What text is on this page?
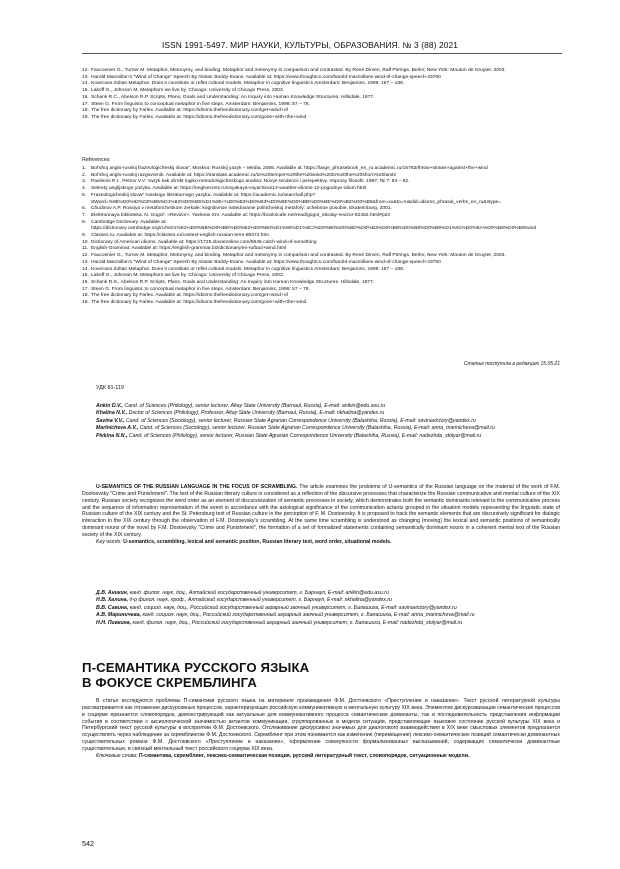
ISSN 1991-5497. МИР НАУКИ, КУЛЬТУРЫ, ОБРАЗОВАНИЯ. № 3 (88) 2021
12. Fauconnier G., Turner M. Metaphor, Metonymy, and binding. Metaphor and metonymy in comparison and contrasted. By René Dirven, Ralf Pörings. Berlin; New York: Mouton de Gruyter, 2003.
13. Harold Macmillan's "Wind of Change" Speech By Alistair Boddy-Evans. Available at: https://www.thoughtco.com/harold-macmillans-wind-of-change-speech-43760
14. Kovecses Zoltan Metaphor. Does it constitute or reflet cultural models. Metaphor in cognitive linguistics Amsterdam: Benjamins, 1999: 167 – 188.
15. Lakoff G., Johnson M. Metaphors we live by. Chicago: University of Chicago Press, 2003.
16. Schank R.C., Abelson R.P. Scripts, Plans, Goals and Understanding: An Inquiry into Human Knowledge Structures. Hillsdale, 1977.
17. Steen G. From linguistic to conceptual metaphor in five steps. Amsterdam: Benjamins, 1999: 57 – 78.
18. The free dictionary by Farlex. Available at: https://idioms.thefreedictionary.com/get+wind+of
19. The free dictionary by Farlex. Available at: https://idioms.thefreedictionary.com/gone+with+the+wind
References
1.	Bol'shoj anglo-russkij frazeologicheskij slovar'. Moskva: Russkij yazyk – Media, 2006. Available at: https://large_phrasebook_en_ru.academic.ru/15763/throw+straws+against+the+wind
2.	Bol'shoj anglo-russkij razgovornik. Available at: https://translate.academic.ru/to%20temper%20the%20wind%20to%20the%20shorn%20lamb/
3.	Pavilenis R.I., Petrov V.V. Yazyk kak ob'ekt logiko-metodologicheskogo analiza: Novye tendencii i perspektivy. Voprosy filosofii. 1987; № 7: 54 – 62.
4.	Sekrety anglijskogo yazyka. Available at: https://englsecrets.ru/vsyakaya-vsyachina/12-weather-idioms-12-pogodnyx-idiom.html
5.	Frazeologicheskij slovar' russkogo literaturnogo yazyka. Available at: https://academic.ru/searchall.php?SWord=%95%D0%92%D0%B5%D1%82%D0%B5%D1%80+%D0%B2%D0%B3%D0%BE%D0%BB%D0%BE%D0%B2%D0%B5&from=xx&to=ru&did=idioms_phrasal_verbs_en_ru&stype=
6.	Chudinov A.P. Rossiya v metaforicheskom zerkale: kognitivnoe issledovanie politicheskoj metafory: uchebnoe posobie. Ekaterinburg, 2001.
7.	Elektronnaya biblioteka. N. Gogol'. «Revizor». Yavlenie XIV. Available at: https://bookscafe.net/read/gogol_nikolay-revizor-82462.html#p23
8.	Cambridge Dictionary. Available at: https://dictionary.cambridge.org/ru/%D1%81%D0%BB%D0%BE%D0%B2%D0%B0%D1%80%D1%8C/%D0%B0%D0%BD%D0%B3%D0%BB%D0%B8%D0%B9%D1%81%D0%BA%D0%B8%D0%B9/wind
9.	Classes.ru. Available at: https://classes.ru/context-english-russian-term-86372.htm
10. Dictionary of American idioms. Available at: https://1725.slovaronline.com/6645-catch-wind-of-something
11. English-Grammar. Available at: https://english-grammar.biz/dictionary/en-ru/bad+wind.html
12. Fauconnier G., Turner M. Metaphor, Metonymy, and binding. Metaphor and metonymy in comparison and contrasted. By René Dirven, Ralf Pörings. Berlin; New York: Mouton de Gruyter, 2003.
13. Harold Macmillan's "Wind of Change" Speech By Alistair Boddy-Evans. Available at: https://www.thoughtco.com/harold-macmillans-wind-of-change-speech-43760
14. Kovecses Zoltan Metaphor. Does it constitute or reflet cultural models. Metaphor in cognitive linguistics Amsterdam: Benjamins, 1999: 167 – 188.
15. Lakoff G., Johnson M. Metaphors we live by. Chicago: University of Chicago Press, 2003.
16. Schank R.S., Abelson R.P. Scripts, Plans, Goals and Understanding: An Inquiry into Human Knowledge Structures. Hillsdale, 1977.
17. Steen G. From linguistic to conceptual metaphor in five steps. Amsterdam: Benjamins, 1999: 57 – 78.
18. The free dictionary by Farlex. Available at: https://idioms.thefreedictionary.com/get+wind+of
19. The free dictionary by Farlex. Available at: https://idioms.thefreedictionary.com/gone+with+the+wind
Статья поступила в редакцию 15.05.21
УДК 81-119
Ankin D.V., Cand. of Sciences (Philology), senior lecturer, Altay State University (Barnaul, Russia), E-mail: anikin@edu.asu.ru
Khalina N.V., Doctor of Sciences (Philology), Professor, Altay State University (Barnaul, Russia), E-mail: nkhalina@yandex.ru
Savina V.V., Cand. of Sciences (Sociology), senior lecturer, Russian State Agrarian Correspondence University (Balashiha, Russia), E-mail: savinavictory@yandex.ru
Marinicheva A.V., Cand. of Sciences (Sociology), senior lecturer, Russian State Agrarian Correspondence University (Balashiha, Russia), E-mail: anna_marinicheva@mail.ru
Pivkina N.N., Cand. of Sciences (Philology), senior lecturer, Russian State Agrarian Correspondence University (Balashiha, Russia), E-mail: nadezhda_stolyar@mail.ru
U-SEMANTICS OF THE RUSSIAN LANGUAGE IN THE FOCUS OF SCRAMBLING. The article examines the problems of U-semantics of the Russian language on the material of the work of F.M. Dostoevsky "Crime and Punishment". The text of the Russian literary culture is considered as a reflection of the discursive processes that characterize the Russian communicative and mental culture of the XIX century. Russian society recognizes the word order as an element of discursivization of semantic processes in society, which demonstrates both the semantic dominants relevant to the communicative process and the sequence of information representation of the event in accordance with the axiological significance of the communication actants grouped in the situation models representing the linguistic state of Russian culture of the XIX century and the St. Petersburg text of Russian culture in the perception of F. M. Dostoevsky. It is proposed to track the semantic elements that are discursively significant for dialogic interaction in the XIX century through the observation of F.M. Dostoevsky's scrambling. At the same time scrambling is understood as changing (moving) the lexical and semantic positions of semantically dominant nouns of the novel by F.M. Dostoevsky "Crime and Punishment", the formation of a set of formalized statements containing semantically dominant nouns in a coherent mental text of the Russian society of the XIX century.
Key words: U-semantics, scrambling, lexical and semantic position, Russian literary text, word order, situational models.
Д.В. Аникин, канд. филол. наук, доц., Алтайский государственный университет, г. Барнаул, E-mail: anikin@edu.asu.ru
Н.В. Халина, д-р филол. наук, проф., Алтайский государственный университет, г. Барнаул, E-mail: nkhalina@yandex.ru
В.В. Савина, канд. социол. наук, доц., Российский государственный аграрный заочный университет, г. Балашиха, E-mail: savinavictory@yandex.ru
А.В. Мариничева, канд. социол. наук, доц., Российский государственный аграрный заочный университет, г. Балашиха, E-mail: anna_marinicheva@mail.ru
Н.Н. Пивкина, канд. филол. наук, доц., Российский государственный аграрный заочный университет, г. Балашиха, E-mail: nadezhda_stolyar@mail.ru
П-СЕМАНТИКА РУССКОГО ЯЗЫКА
В ФОКУСЕ СКРЕМБЛИНГА
В статье исследуются проблемы П-семантики русского языка на материале произведения Ф.М. Достоевского «Преступление и наказание». Текст русской литературной культуры рассматривается как отражение дискурсивных процессов, характеризующих российскую коммуникативную и ментальную культуру XIX века. Элементом дискурсивизации семантических процессов в социуме признается словопорядок, демонстрирующий как актуальные для коммуникативного процесса семантические доминанты, так и последовательность представления информации события в соответствии с аксиологической значимостью актантов коммуникации, сгруппированных в модели ситуации, представляющие языковое состояние русской культуры XIX века и Петербургский текст русской культуры в восприятии Ф.М. Достоевского. Отслеживание дискурсивно значимых для диалогового взаимодействия в XIX веке смысловых элементов предлагается осуществлять через наблюдение за скремблингом Ф.М. Достоевского. Скремблинг при этом понимается как изменение (перемещение) лексико-семантических позиций семантически доминантных существительных романа Ф.М. Достоевского «Преступление и наказание», оформление совокупности формализованных высказываний, содержащих семантически доминантные существительные, в связный ментальный текст российского социума XIX века.
Ключевые слова: П-семантика, скремблинг, лексико-семантическая позиция, русский литературный текст, словопорядок, ситуационные модели.
542
